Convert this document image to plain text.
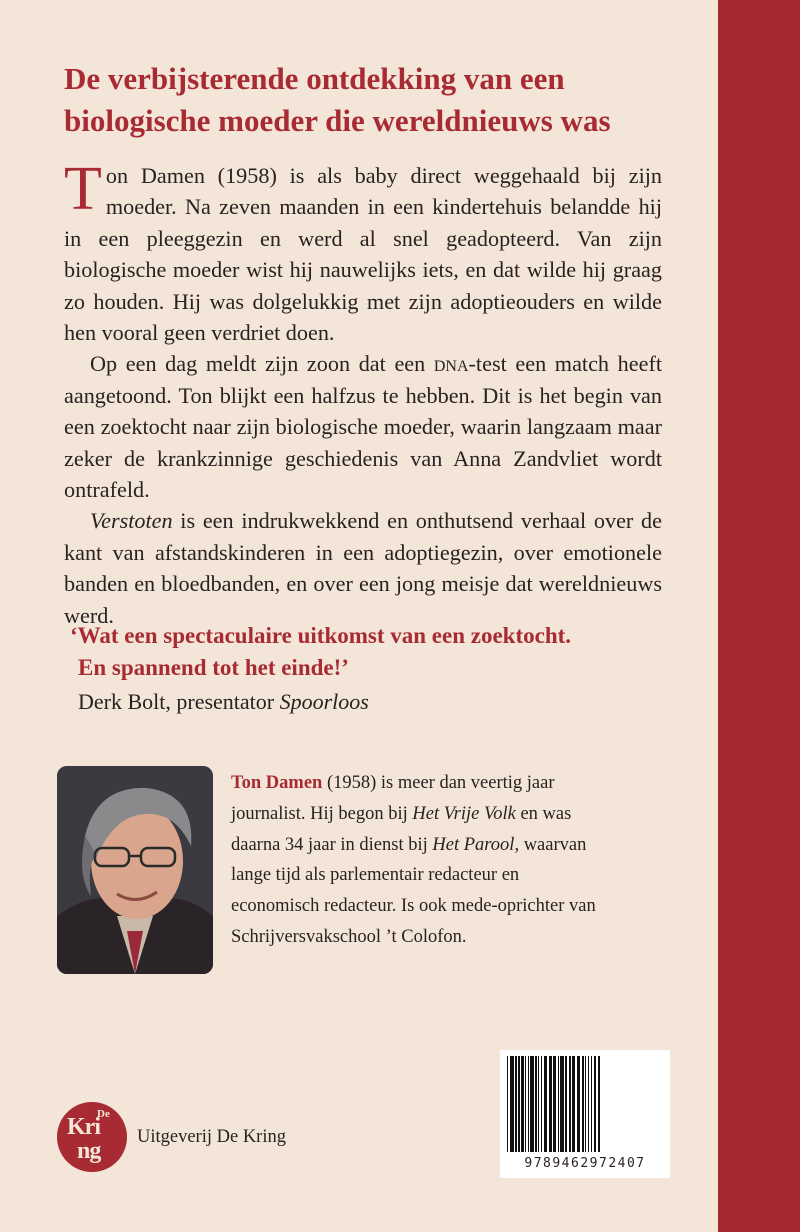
De verbijsterende ontdekking van een biologische moeder die wereldnieuws was

Ton Damen (1958) is als baby direct weggehaald bij zijn moeder. Na zeven maanden in een kindertehuis belandde hij in een pleeggezin en werd al snel geadopteerd. Van zijn biologische moeder wist hij nauwelijks iets, en dat wilde hij graag zo houden. Hij was dolgelukkig met zijn adoptieouders en wilde hen vooral geen verdriet doen.

Op een dag meldt zijn zoon dat een dna-test een match heeft aangetoond. Ton blijkt een halfzus te hebben. Dit is het begin van een zoektocht naar zijn biologische moeder, waarin langzaam maar zeker de krankzinnige geschiedenis van Anna Zandvliet wordt ontrafeld.

Verstoten is een indrukwekkend en onthutsend verhaal over de kant van afstandskinderen in een adoptiegezin, over emotionele banden en bloedbanden, en over een jong meisje dat wereldnieuws werd.

‘Wat een spectaculaire uitkomst van een zoektocht.
En spannend tot het einde!’
Derk Bolt, presentator Spoorloos
Ton Damen (1958) is meer dan veertig jaar journalist. Hij begon bij Het Vrije Volk en was daarna 34 jaar in dienst bij Het Parool, waarvan lange tijd als parlementair redacteur en economisch redacteur. Is ook mede-oprichter van Schrijversvakschool ’t Colofon.
De
Kri
ng
Uitgeverij De Kring
9789462972407
